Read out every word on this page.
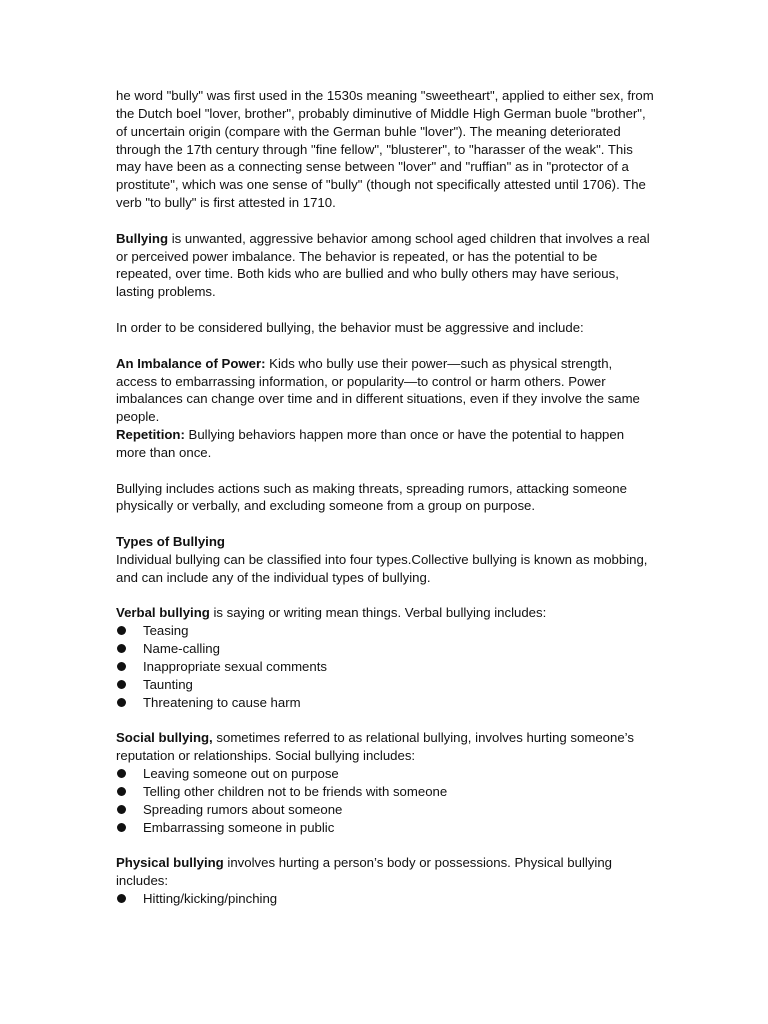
he word "bully" was first used in the 1530s meaning "sweetheart", applied to either sex, from the Dutch boel "lover, brother", probably diminutive of Middle High German buole "brother", of uncertain origin (compare with the German buhle "lover"). The meaning deteriorated through the 17th century through "fine fellow", "blusterer", to "harasser of the weak". This may have been as a connecting sense between "lover" and "ruffian" as in "protector of a prostitute", which was one sense of "bully" (though not specifically attested until 1706). The verb "to bully" is first attested in 1710.

Bullying is unwanted, aggressive behavior among school aged children that involves a real or perceived power imbalance. The behavior is repeated, or has the potential to be repeated, over time. Both kids who are bullied and who bully others may have serious, lasting problems.

In order to be considered bullying, the behavior must be aggressive and include:

An Imbalance of Power: Kids who bully use their power—such as physical strength, access to embarrassing information, or popularity—to control or harm others. Power imbalances can change over time and in different situations, even if they involve the same people.

Repetition: Bullying behaviors happen more than once or have the potential to happen more than once.

Bullying includes actions such as making threats, spreading rumors, attacking someone physically or verbally, and excluding someone from a group on purpose.

Types of Bullying

Individual bullying can be classified into four types.Collective bullying is known as mobbing, and can include any of the individual types of bullying.

Verbal bullying is saying or writing mean things. Verbal bullying includes:

Teasing
Name-calling
Inappropriate sexual comments
Taunting
Threatening to cause harm

Social bullying, sometimes referred to as relational bullying, involves hurting someone’s reputation or relationships. Social bullying includes:

Leaving someone out on purpose
Telling other children not to be friends with someone
Spreading rumors about someone
Embarrassing someone in public

Physical bullying involves hurting a person’s body or possessions. Physical bullying includes:

Hitting/kicking/pinching
